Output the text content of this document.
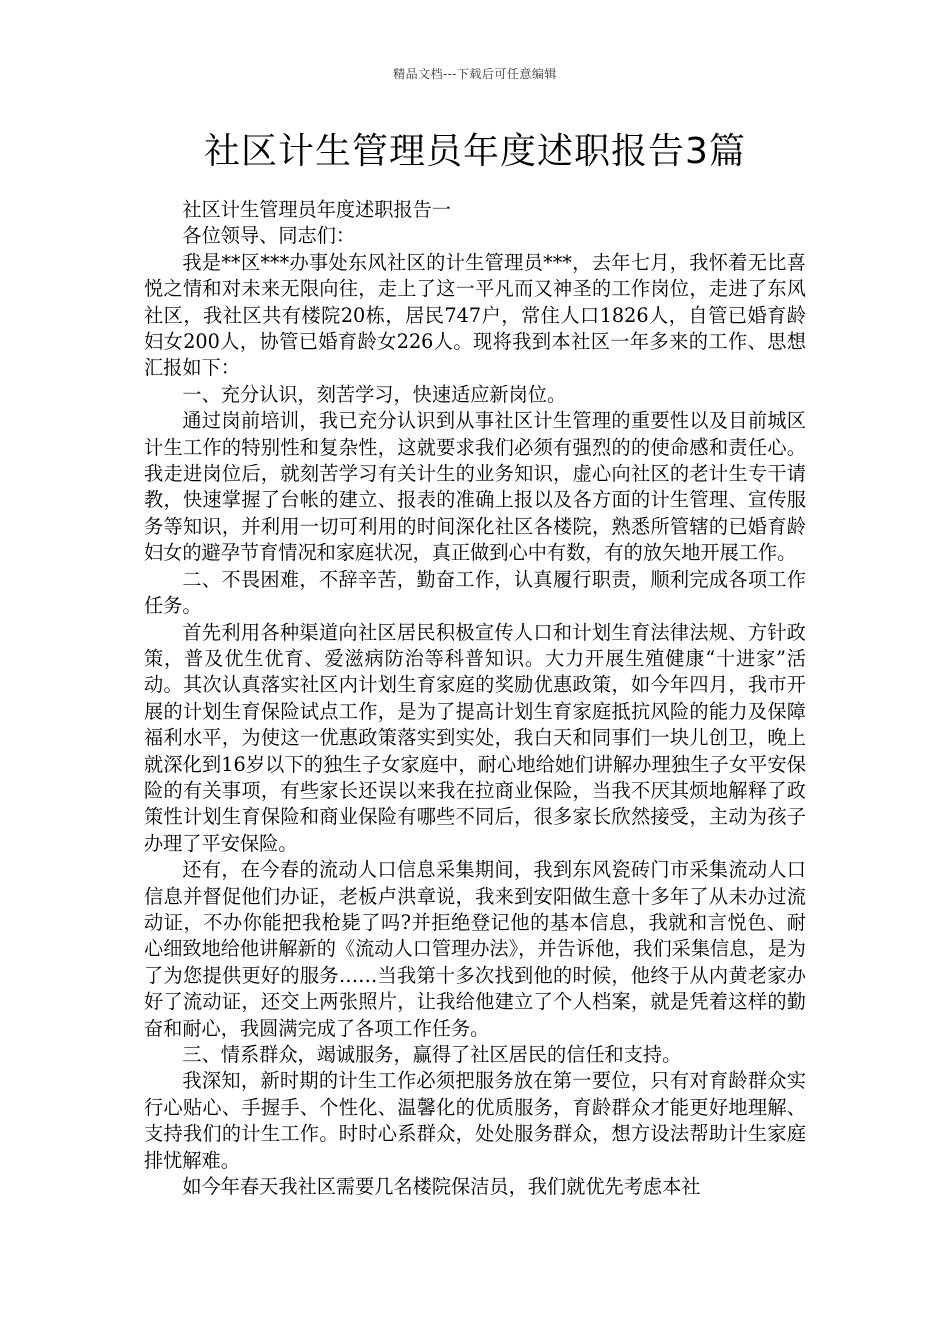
精品文档---下载后可任意编辑
社区计生管理员年度述职报告3篇

社区计生管理员年度述职报告一

各位领导、同志们：

我是**区***办事处东风社区的计生管理员***，去年七月，我怀着无比喜悦之情和对未来无限向往，走上了这一平凡而又神圣的工作岗位，走进了东风社区，我社区共有楼院20栋，居民747户，常住人口1826人，自管已婚育龄妇女200人，协管已婚育龄女226人。现将我到本社区一年多来的工作、思想汇报如下：

一、充分认识，刻苦学习，快速适应新岗位。

通过岗前培训，我已充分认识到从事社区计生管理的重要性以及目前城区计生工作的特别性和复杂性，这就要求我们必须有强烈的的使命感和责任心。我走进岗位后，就刻苦学习有关计生的业务知识，虚心向社区的老计生专干请教，快速掌握了台帐的建立、报表的准确上报以及各方面的计生管理、宣传服务等知识，并利用一切可利用的时间深化社区各楼院，熟悉所管辖的已婚育龄妇女的避孕节育情况和家庭状况，真正做到心中有数，有的放矢地开展工作。

二、不畏困难，不辞辛苦，勤奋工作，认真履行职责，顺利完成各项工作任务。

首先利用各种渠道向社区居民积极宣传人口和计划生育法律法规、方针政策，普及优生优育、爱滋病防治等科普知识。大力开展生殖健康“十进家”活动。其次认真落实社区内计划生育家庭的奖励优惠政策，如今年四月，我市开展的计划生育保险试点工作，是为了提高计划生育家庭抵抗风险的能力及保障福利水平，为使这一优惠政策落实到实处，我白天和同事们一块儿创卫，晚上就深化到16岁以下的独生子女家庭中，耐心地给她们讲解办理独生子女平安保险的有关事项，有些家长还误以来我在拉商业保险，当我不厌其烦地解释了政策性计划生育保险和商业保险有哪些不同后，很多家长欣然接受，主动为孩子办理了平安保险。

还有，在今春的流动人口信息采集期间，我到东风瓷砖门市采集流动人口信息并督促他们办证，老板卢洪章说，我来到安阳做生意十多年了从未办过流动证，不办你能把我枪毙了吗?并拒绝登记他的基本信息，我就和言悦色、耐心细致地给他讲解新的《流动人口管理办法》，并告诉他，我们采集信息，是为了为您提供更好的服务……当我第十多次找到他的时候，他终于从内黄老家办好了流动证，还交上两张照片，让我给他建立了个人档案，就是凭着这样的勤奋和耐心，我圆满完成了各项工作任务。

三、情系群众，竭诚服务，赢得了社区居民的信任和支持。

我深知，新时期的计生工作必须把服务放在第一要位，只有对育龄群众实行心贴心、手握手、个性化、温馨化的优质服务，育龄群众才能更好地理解、支持我们的计生工作。时时心系群众，处处服务群众，想方设法帮助计生家庭排忧解难。

如今年春天我社区需要几名楼院保洁员，我们就优先考虑本社
